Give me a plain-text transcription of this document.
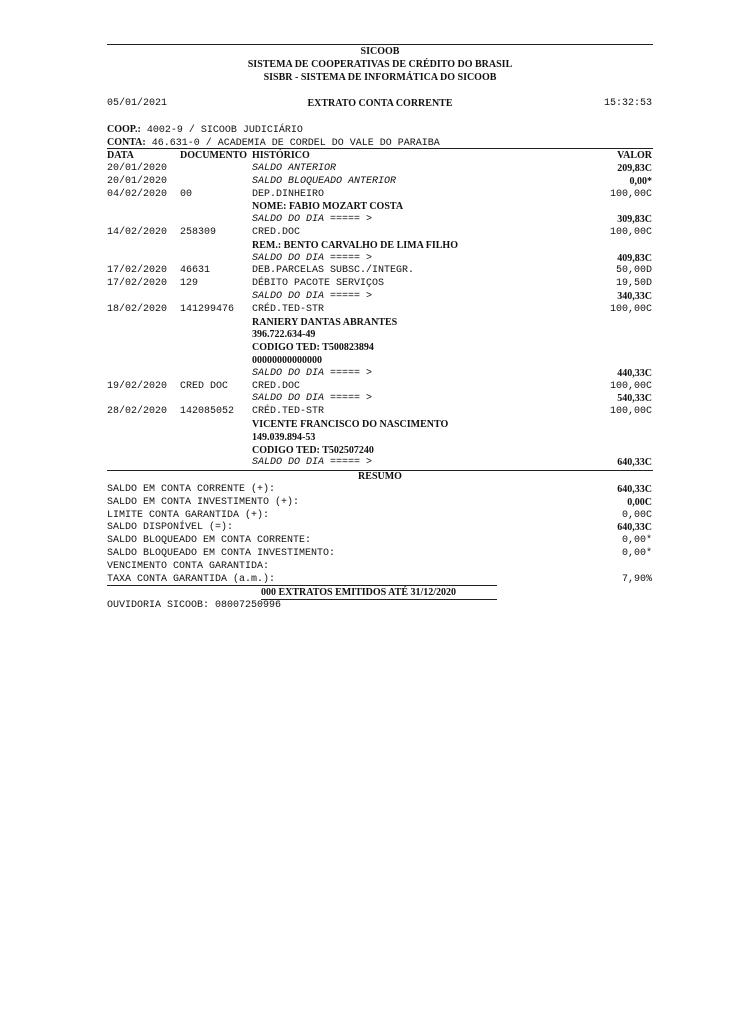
SICOOB
SISTEMA DE COOPERATIVAS DE CRÉDITO DO BRASIL
SISBR - SISTEMA DE INFORMÁTICA DO SICOOB
05/01/2021	EXTRATO CONTA CORRENTE	15:32:53
COOP.: 4002-9 / SICOOB JUDICIÁRIO
CONTA: 46.631-0 / ACADEMIA DE CORDEL DO VALE DO PARAIBA
DATA	DOCUMENTO HISTÓRICO	VALOR
20/01/2020	SALDO ANTERIOR	209,83C
20/01/2020	SALDO BLOQUEADO ANTERIOR	0,00*
04/02/2020 00	DEP.DINHEIRO	100,00C
NOME: FABIO MOZART COSTA
SALDO DO DIA ===== >	309,83C
14/02/2020 258309	CRED.DOC	100,00C
REM.: BENTO CARVALHO DE LIMA FILHO
SALDO DO DIA ===== >	409,83C
17/02/2020 46631	DEB.PARCELAS SUBSC./INTEGR.	50,00D
17/02/2020 129	DÉBITO PACOTE SERVIÇOS	19,50D
SALDO DO DIA ===== >	340,33C
18/02/2020 141299476 CRÉD.TED-STR	100,00C
RANIERY DANTAS ABRANTES
396.722.634-49
CODIGO TED: T500823894
00000000000000
SALDO DO DIA ===== >	440,33C
19/02/2020 CRED DOC CRED.DOC	100,00C
SALDO DO DIA ===== >	540,33C
28/02/2020 142085052 CRÉD.TED-STR	100,00C
VICENTE FRANCISCO DO NASCIMENTO
149.039.894-53
CODIGO TED: T502507240
SALDO DO DIA ===== >	640,33C
RESUMO
SALDO EM CONTA CORRENTE (+):	640,33C
SALDO EM CONTA INVESTIMENTO (+):	0,00C
LIMITE CONTA GARANTIDA (+):	0,00C
SALDO DISPONÍVEL (=):	640,33C
SALDO BLOQUEADO EM CONTA CORRENTE:	0,00*
SALDO BLOQUEADO EM CONTA INVESTIMENTO:	0,00*
VENCIMENTO CONTA GARANTIDA:
TAXA CONTA GARANTIDA (a.m.):	7,90%
000 EXTRATOS EMITIDOS ATÉ 31/12/2020
OUVIDORIA SICOOB: 08007250996
